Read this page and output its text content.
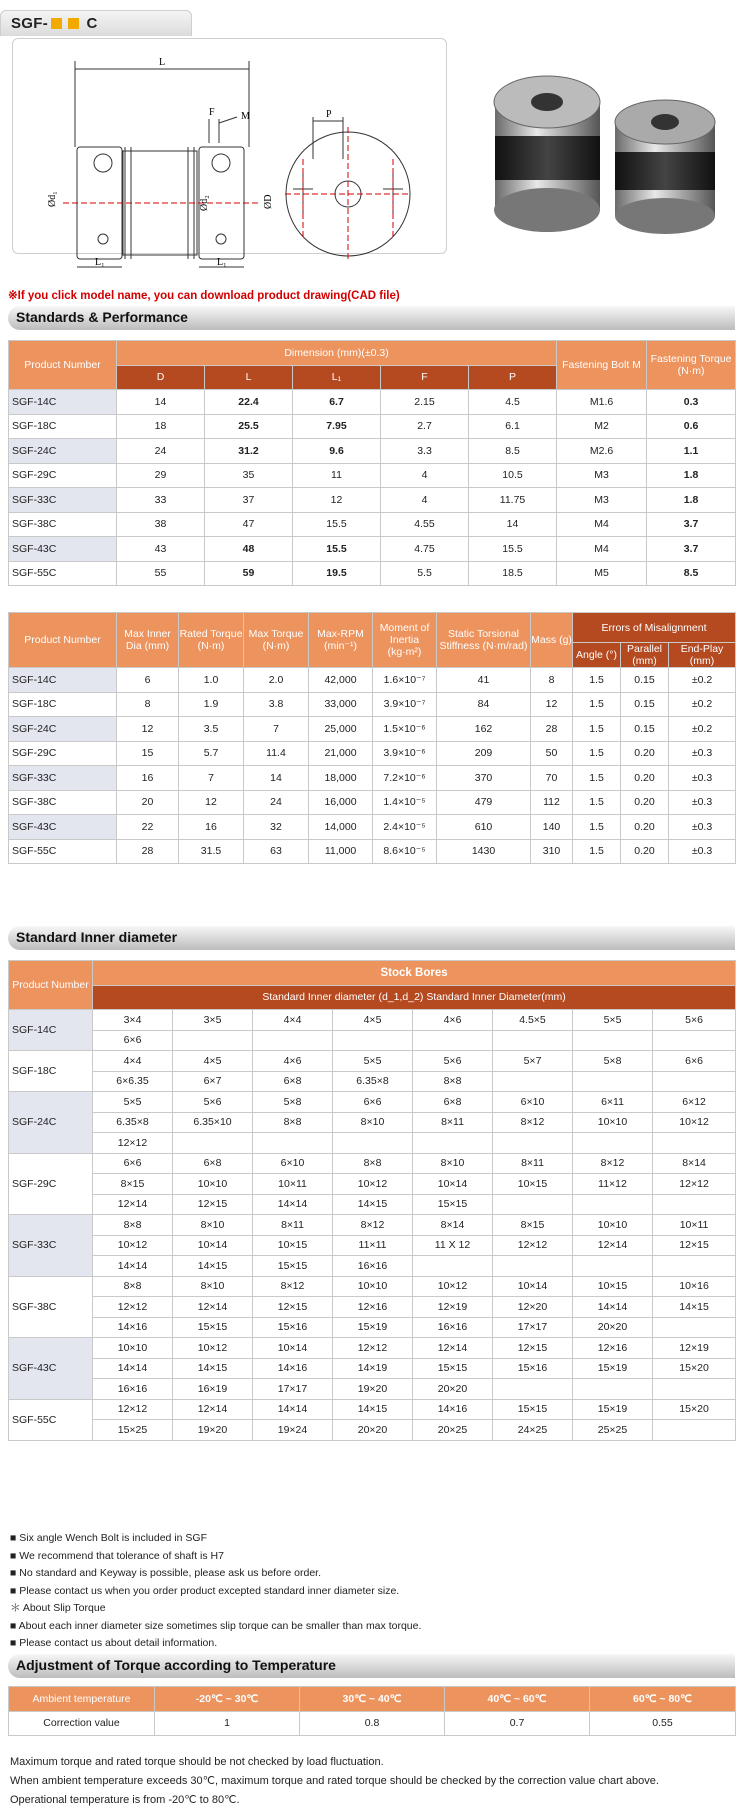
SGF-	C
L
F	M	P
Ød₁	Ød₂	ØD
L₁	L₁
※If you click model name, you can download product drawing(CAD file)
Standards & Performance
Product Number	Dimension (mm)(±0.3)					Fastening Bolt M	Fastening Torque (N·m)
	D	L	L₁	F	P		
SGF-14C	14	22.4	6.7	2.15	4.5	M1.6	0.3
SGF-18C	18	25.5	7.95	2.7	6.1	M2	0.6
SGF-24C	24	31.2	9.6	3.3	8.5	M2.6	1.1
SGF-29C	29	35	11	4	10.5	M3	1.8
SGF-33C	33	37	12	4	11.75	M3	1.8
SGF-38C	38	47	15.5	4.55	14	M4	3.7
SGF-43C	43	48	15.5	4.75	15.5	M4	3.7
SGF-55C	55	59	19.5	5.5	18.5	M5	8.5
Product Number	Max Inner Dia (mm)	Rated Torque (N·m)	Max Torque (N·m)	Max-RPM (min⁻¹)	Moment of Inertia (kg·m²)	Static Torsional Stiffness (N·m/rad)	Mass (g)	Errors of Misalignment		
								Angle (°)	Parallel (mm)	End-Play (mm)
SGF-14C	6	1.0	2.0	42,000	1.6×10⁻⁷	41	8	1.5	0.15	±0.2
SGF-18C	8	1.9	3.8	33,000	3.9×10⁻⁷	84	12	1.5	0.15	±0.2
SGF-24C	12	3.5	7	25,000	1.5×10⁻⁶	162	28	1.5	0.15	±0.2
SGF-29C	15	5.7	11.4	21,000	3.9×10⁻⁶	209	50	1.5	0.20	±0.3
SGF-33C	16	7	14	18,000	7.2×10⁻⁶	370	70	1.5	0.20	±0.3
SGF-38C	20	12	24	16,000	1.4×10⁻⁵	479	112	1.5	0.20	±0.3
SGF-43C	22	16	32	14,000	2.4×10⁻⁵	610	140	1.5	0.20	±0.3
SGF-55C	28	31.5	63	11,000	8.6×10⁻⁵	1430	310	1.5	0.20	±0.3
Standard Inner diameter
Product Number	Stock Bores							
	Standard Inner diameter (d_1,d_2) Standard Inner Diameter(mm)							
SGF-14C	3×4	3×5	4×4	4×5	4×6	4.5×5	5×5	5×6
	6×6							
SGF-18C	4×4	4×5	4×6	5×5	5×6	5×7	5×8	6×6
	6×6.35	6×7	6×8	6.35×8	8×8			
SGF-24C	5×5	5×6	5×8	6×6	6×8	6×10	6×11	6×12
	6.35×8	6.35×10	8×8	8×10	8×11	8×12	10×10	10×12
	12×12							
SGF-29C	6×6	6×8	6×10	8×8	8×10	8×11	8×12	8×14
	8×15	10×10	10×11	10×12	10×14	10×15	11×12	12×12
	12×14	12×15	14×14	14×15	15×15			
SGF-33C	8×8	8×10	8×11	8×12	8×14	8×15	10×10	10×11
	10×12	10×14	10×15	11×11	11 X 12	12×12	12×14	12×15
	14×14	14×15	15×15	16×16				
SGF-38C	8×8	8×10	8×12	10×10	10×12	10×14	10×15	10×16
	12×12	12×14	12×15	12×16	12×19	12×20	14×14	14×15
	14×16	15×15	15×16	15×19	16×16	17×17	20×20	
SGF-43C	10×10	10×12	10×14	12×12	12×14	12×15	12×16	12×19
	14×14	14×15	14×16	14×19	15×15	15×16	15×19	15×20
	16×16	16×19	17×17	19×20	20×20			
SGF-55C	12×12	12×14	14×14	14×15	14×16	15×15	15×19	15×20
	15×25	19×20	19×24	20×20	20×25	24×25	25×25	
■ Six angle Wench Bolt is included in SGF
■ We recommend that tolerance of shaft is H7
■ No standard and Keyway is possible, please ask us before order.
■ Please contact us when you order product excepted standard inner diameter size.
＊ About Slip Torque
■ About each inner diameter size sometimes slip torque can be smaller than max torque.
■ Please contact us about detail information.
Adjustment of Torque according to Temperature
Ambient temperature	-20℃ ~ 30℃	30℃ ~ 40℃	40℃ ~ 60℃	60℃ ~ 80℃
Correction value	1	0.8	0.7	0.55
Maximum torque and rated torque should be not checked by load fluctuation.
When ambient temperature exceeds 30℃, maximum torque and rated torque should be checked by the correction value chart above.
Operational temperature is from -20℃ to 80℃.
